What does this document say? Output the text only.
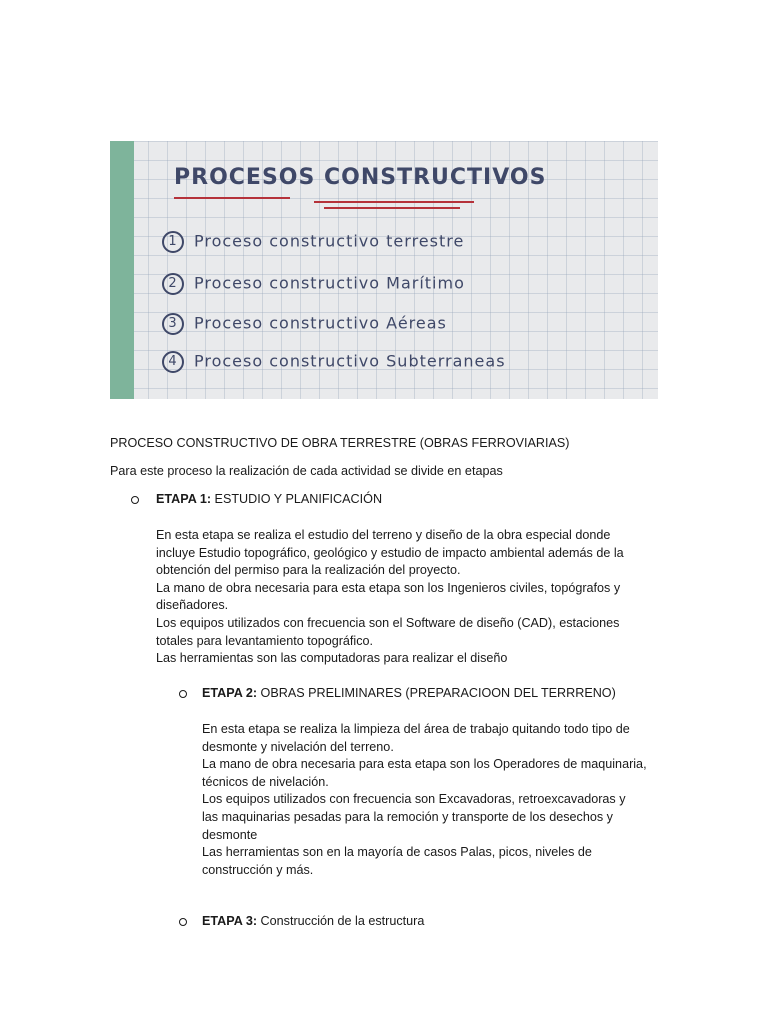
PROCESOS CONSTRUCTIVOS
1 Proceso constructivo terrestre
2 Proceso constructivo Marítimo
3 Proceso constructivo Aéreas
4 Proceso constructivo Subterraneas
PROCESO CONSTRUCTIVO DE OBRA TERRESTRE (OBRAS FERROVIARIAS)
Para este proceso la realización de cada actividad se divide en etapas
ETAPA 1: ESTUDIO Y PLANIFICACIÓN
En esta etapa se realiza el estudio del terreno y diseño de la obra especial donde
incluye Estudio topográfico, geológico y estudio de impacto ambiental además de la
obtención del permiso para la realización del proyecto.
La mano de obra necesaria para esta etapa son los Ingenieros civiles, topógrafos y
diseñadores.
Los equipos utilizados con frecuencia son el Software de diseño (CAD), estaciones
totales para levantamiento topográfico.
Las herramientas son las computadoras para realizar el diseño
ETAPA 2: OBRAS PRELIMINARES (PREPARACIOON DEL TERRRENO)
En esta etapa se realiza la limpieza del área de trabajo quitando todo tipo de
desmonte y nivelación del terreno.
La mano de obra necesaria para esta etapa son los Operadores de maquinaria,
técnicos de nivelación.
Los equipos utilizados con frecuencia son Excavadoras, retroexcavadoras y
las maquinarias pesadas para la remoción y transporte de los desechos y
desmonte
Las herramientas son en la mayoría de casos Palas, picos, niveles de
construcción y más.
ETAPA 3: Construcción de la estructura
